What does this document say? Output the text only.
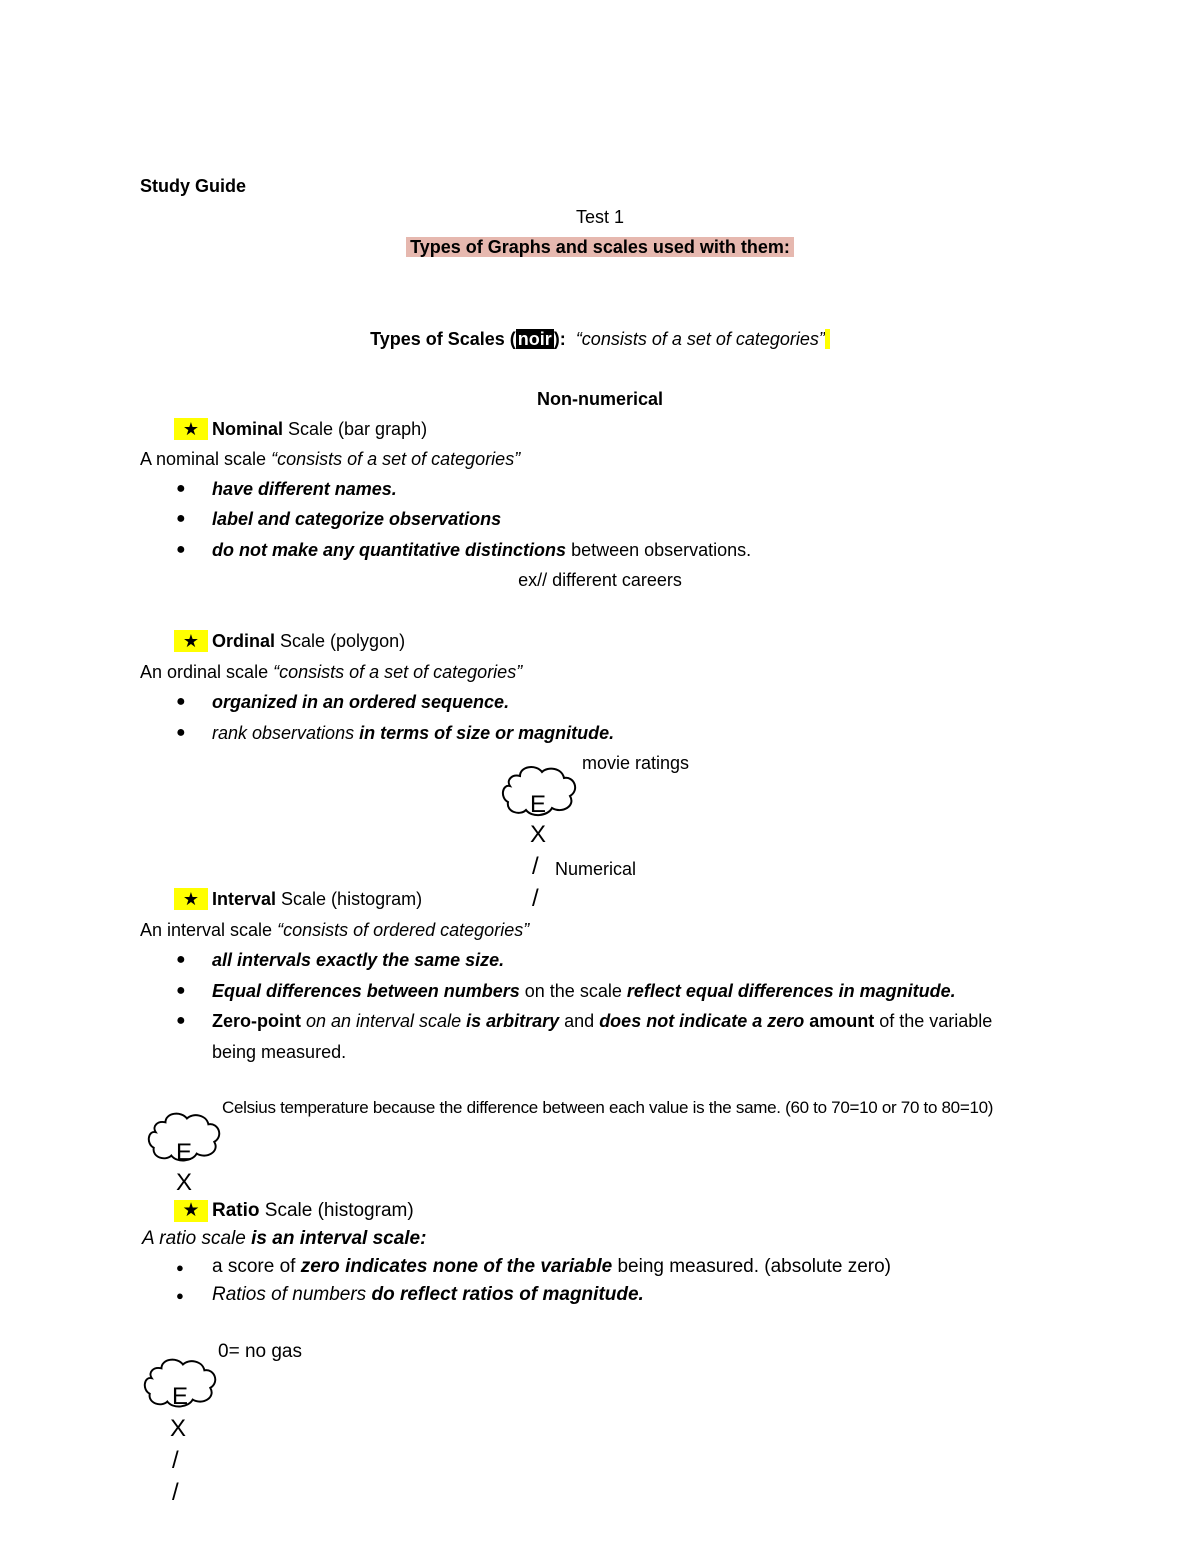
Study Guide
Test 1
Types of Graphs and scales used with them:
Types of Scales ( noir ): “consists of a set of categories”
Non-numerical
★ Nominal Scale (bar graph)
A nominal scale “consists of a set of categories”
● have different names.
● label and categorize observations
● do not make any quantitative distinctions between observations.
ex// different careers
★ Ordinal Scale (polygon)
An ordinal scale “consists of a set of categories”
● organized in an ordered sequence.
● rank observations in terms of size or magnitude.
movie ratings
E
X
/ Numerical
/
★ Interval Scale (histogram)
An interval scale “consists of ordered categories”
● all intervals exactly the same size.
● Equal differences between numbers on the scale reflect equal differences in magnitude.
● Zero-point on an interval scale is arbitrary and does not indicate a zero amount of the variable
being measured.
Celsius temperature because the difference between each value is the same. (60 to 70=10 or 70 to 80=10)
E
X
★ Ratio Scale (histogram)
A ratio scale is an interval scale:
● a score of zero indicates none of the variable being measured. (absolute zero)
● Ratios of numbers do reflect ratios of magnitude.
0= no gas
E
X
/
/
